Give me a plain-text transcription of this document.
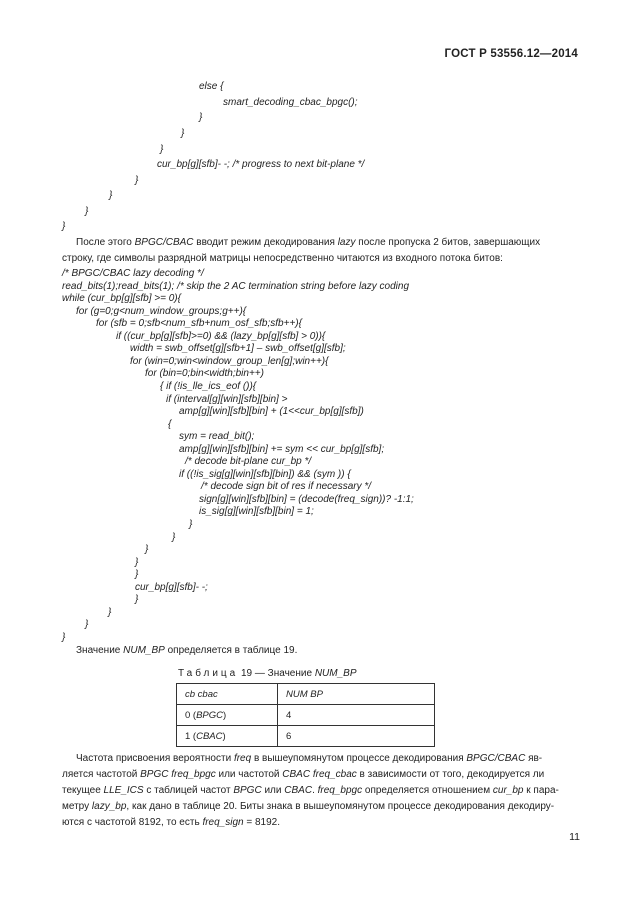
ГОСТ Р 53556.12—2014
else {
smart_decoding_cbac_bpgc();
}
}
}
cur_bp[g][sfb]- -; /* progress to next bit-plane */
}
}
}
}
После этого BPGC/CBAC вводит режим декодирования lazy после пропуска 2 битов, завершающих
строку, где символы разрядной матрицы непосредственно читаются из входного потока битов:
/* BPGC/CBAC lazy decoding */
read_bits(1);read_bits(1); /* skip the 2 AC termination string before lazy coding
while (cur_bp[g][sfb] >= 0){
for (g=0;g<num_window_groups;g++){
for (sfb = 0;sfb<num_sfb+num_osf_sfb;sfb++){
if ((cur_bp[g][sfb]>=0) && (lazy_bp[g][sfb] > 0)){
width = swb_offset[g][sfb+1] – swb_offset[g][sfb];
for (win=0;win<window_group_len[g];win++){
for (bin=0;bin<width;bin++)
{ if (!is_lle_ics_eof ()){
if (interval[g][win][sfb][bin] >
amp[g][win][sfb][bin] + (1<<cur_bp[g][sfb])
{
sym = read_bit();
amp[g][win][sfb][bin] += sym << cur_bp[g][sfb];
/* decode bit-plane cur_bp */
if ((!is_sig[g][win][sfb][bin]) && (sym )) {
/* decode sign bit of res if necessary */
sign[g][win][sfb][bin] = (decode(freq_sign))? -1:1;
is_sig[g][win][sfb][bin] = 1;
}
}
}
}
}
cur_bp[g][sfb]- -;
}
}
}
}
Значение NUM_BP определяется в таблице 19.
Таблица 19 — Значение NUM_BP
cb cbac	NUM BP
0 (BPGC)	4
1 (CBAC)	6
Частота присвоения вероятности freq в вышеупомянутом процессе декодирования BPGC/CBAC яв-
ляется частотой BPGC freq_bpgc или частотой CBAC freq_cbac в зависимости от того, декодируется ли
текущее LLE_ICS с таблицей частот BPGC или CBAC. freq_bpgc определяется отношением cur_bp к пара-
метру lazy_bp, как дано в таблице 20. Биты знака в вышеупомянутом процессе декодирования декодиру-
ются с частотой 8192, то есть freq_sign = 8192.
11
